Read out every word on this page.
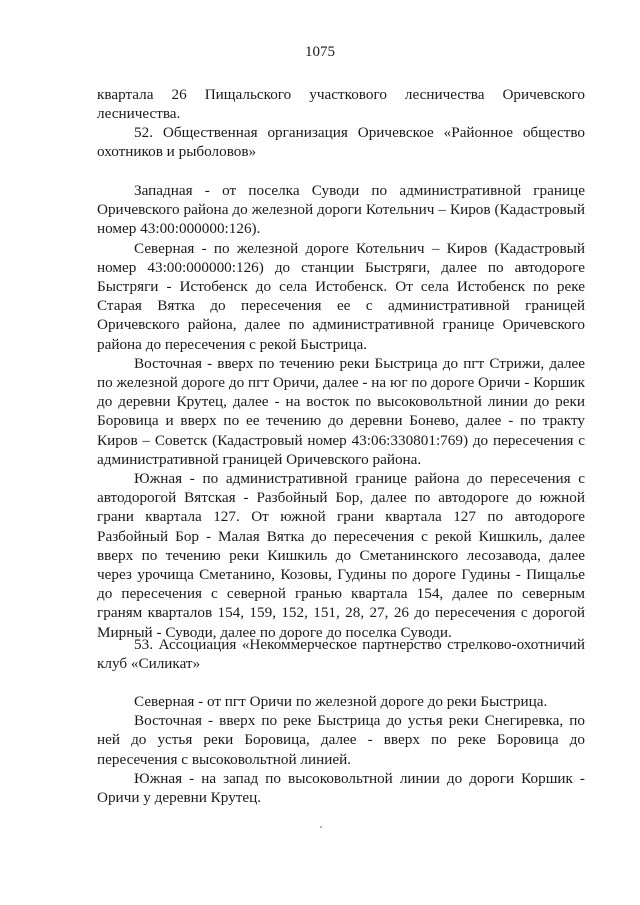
1075

квартала 26 Пищальского участкового лесничества Оричевского лесничества.

52. Общественная организация Оричевское «Районное общество охотников и рыболовов»

Западная - от поселка Суводи по административной границе Оричевского района до железной дороги Котельнич – Киров (Кадастровый номер 43:00:000000:126).

Северная - по железной дороге Котельнич – Киров (Кадастровый номер 43:00:000000:126) до станции Быстряги, далее по автодороге Быстряги - Истобенск до села Истобенск. От села Истобенск по реке Старая Вятка до пересечения ее с административной границей Оричевского района, далее по административной границе Оричевского района до пересечения с рекой Быстрица.

Восточная - вверх по течению реки Быстрица до пгт Стрижи, далее по железной дороге до пгт Оричи, далее - на юг по дороге Оричи - Коршик до деревни Крутец, далее - на восток по высоковольтной линии до реки Боровица и вверх по ее течению до деревни Бонево, далее - по тракту Киров – Советск (Кадастровый номер 43:06:330801:769) до пересечения с административной границей Оричевского района.

Южная - по административной границе района до пересечения с автодорогой Вятская - Разбойный Бор, далее по автодороге до южной грани квартала 127. От южной грани квартала 127 по автодороге Разбойный Бор - Малая Вятка до пересечения с рекой Кишкиль, далее вверх по течению реки Кишкиль до Сметанинского лесозавода, далее через урочища Сметанино, Козовы, Гудины по дороге Гудины - Пищалье до пересечения с северной гранью квартала 154, далее по северным граням кварталов 154, 159, 152, 151, 28, 27, 26 до пересечения с дорогой Мирный - Суводи, далее по дороге до поселка Суводи.

53. Ассоциация «Некоммерческое партнерство стрелково-охотничий клуб «Силикат»

Северная - от пгт Оричи по железной дороге до реки Быстрица.

Восточная - вверх по реке Быстрица до устья реки Снегиревка, по ней до устья реки Боровица, далее - вверх по реке Боровица до пересечения с высоковольтной линией.

Южная - на запад по высоковольтной линии до дороги Коршик - Оричи у деревни Крутец.
